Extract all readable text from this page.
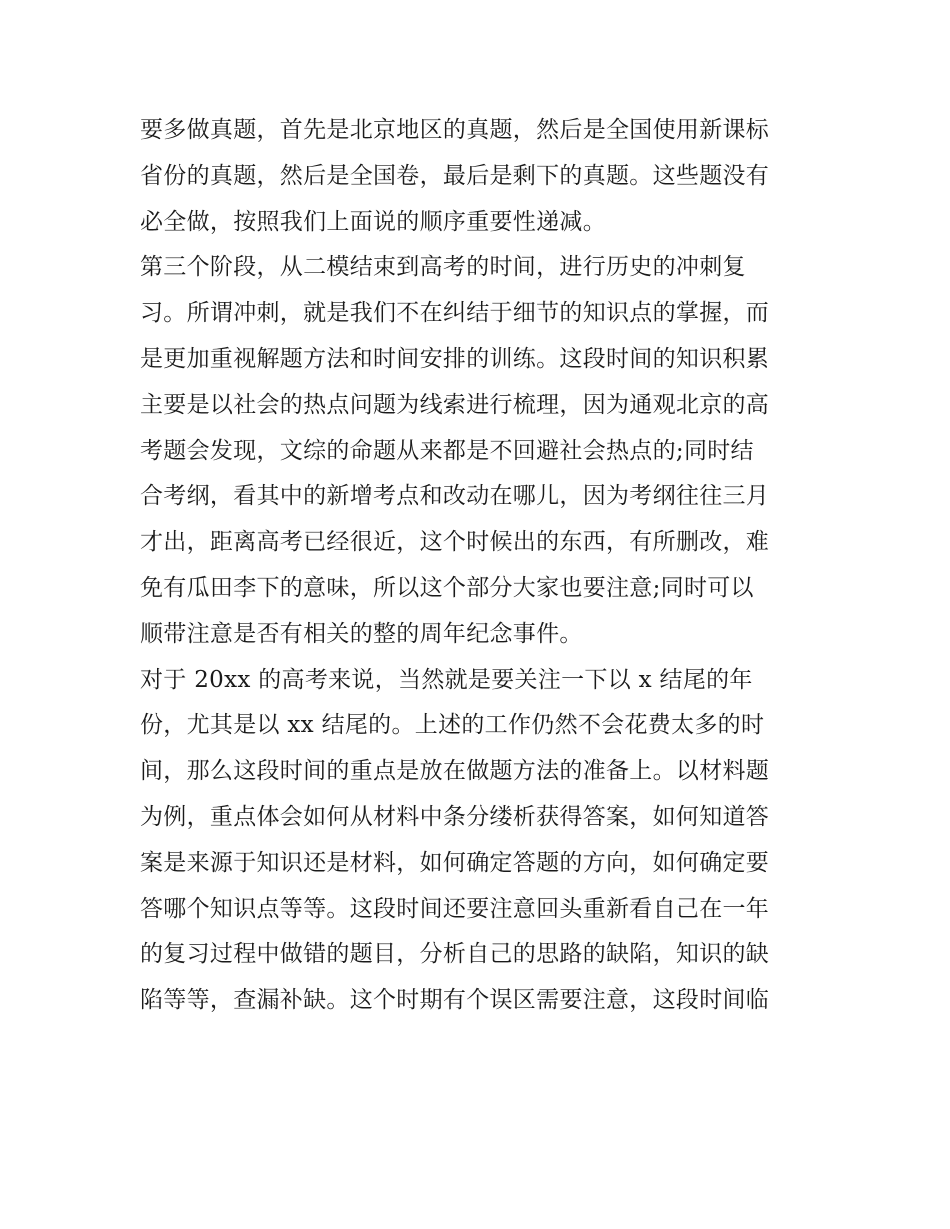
要多做真题，首先是北京地区的真题，然后是全国使用新课标
省份的真题，然后是全国卷，最后是剩下的真题。这些题没有
必全做，按照我们上面说的顺序重要性递减。
第三个阶段，从二模结束到高考的时间，进行历史的冲刺复
习。所谓冲刺，就是我们不在纠结于细节的知识点的掌握，而
是更加重视解题方法和时间安排的训练。这段时间的知识积累
主要是以社会的热点问题为线索进行梳理，因为通观北京的高
考题会发现，文综的命题从来都是不回避社会热点的;同时结
合考纲，看其中的新增考点和改动在哪儿，因为考纲往往三月
才出，距离高考已经很近，这个时候出的东西，有所删改，难
免有瓜田李下的意味，所以这个部分大家也要注意;同时可以
顺带注意是否有相关的整的周年纪念事件。
对于 20xx 的高考来说，当然就是要关注一下以 x 结尾的年
份，尤其是以 xx 结尾的。上述的工作仍然不会花费太多的时
间，那么这段时间的重点是放在做题方法的准备上。以材料题
为例，重点体会如何从材料中条分缕析获得答案，如何知道答
案是来源于知识还是材料，如何确定答题的方向，如何确定要
答哪个知识点等等。这段时间还要注意回头重新看自己在一年
的复习过程中做错的题目，分析自己的思路的缺陷，知识的缺
陷等等，查漏补缺。这个时期有个误区需要注意，这段时间临
